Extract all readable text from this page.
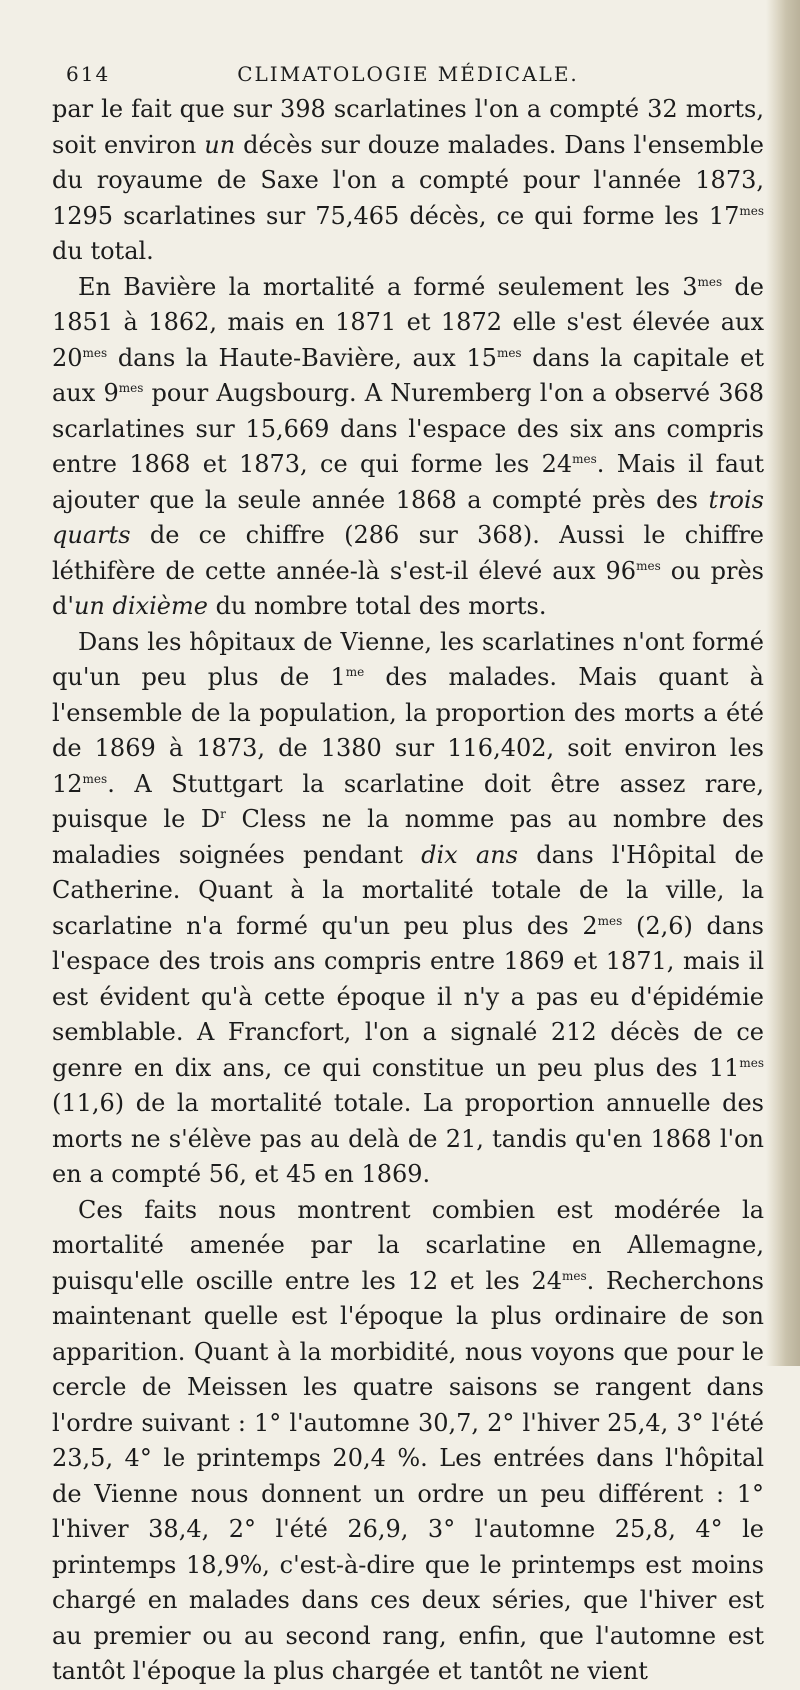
614	CLIMATOLOGIE MÉDICALE.

par le fait que sur 398 scarlatines l'on a compté 32 morts, soit environ un décès sur douze malades. Dans l'ensemble du royaume de Saxe l'on a compté pour l'année 1873, 1295 scarlatines sur 75,465 décès, ce qui forme les $17^{mes}$ du total.

En Bavière la mortalité a formé seulement les $3^{mes}$ de 1851 à 1862, mais en 1871 et 1872 elle s'est élevée aux $20^{mes}$ dans la Haute-Bavière, aux $15^{mes}$ dans la capitale et aux $9^{mes}$ pour Augsbourg. A Nuremberg l'on a observé 368 scarlatines sur 15,669 dans l'espace des six ans compris entre 1868 et 1873, ce qui forme les $24^{mes}$. Mais il faut ajouter que la seule année 1868 a compté près des trois quarts de ce chiffre (286 sur 368). Aussi le chiffre léthifère de cette année-là s'est-il élevé aux $96^{mes}$ ou près d'un dixième du nombre total des morts.

Dans les hôpitaux de Vienne, les scarlatines n'ont formé qu'un peu plus de $1^{me}$ des malades. Mais quant à l'ensemble de la population, la proportion des morts a été de 1869 à 1873, de 1380 sur 116,402, soit environ les $12^{mes}$. A Stuttgart la scarlatine doit être assez rare, puisque le $D^r$ Cless ne la nomme pas au nombre des maladies soignées pendant dix ans dans l'Hôpital de Catherine. Quant à la mortalité totale de la ville, la scarlatine n'a formé qu'un peu plus des $2^{mes}$ (2,6) dans l'espace des trois ans compris entre 1869 et 1871, mais il est évident qu'à cette époque il n'y a pas eu d'épidémie semblable. A Francfort, l'on a signalé 212 décès de ce genre en dix ans, ce qui constitue un peu plus des $11^{mes}$ (11,6) de la mortalité totale. La proportion annuelle des morts ne s'élève pas au delà de 21, tandis qu'en 1868 l'on en a compté 56, et 45 en 1869.

Ces faits nous montrent combien est modérée la mortalité amenée par la scarlatine en Allemagne, puisqu'elle oscille entre les 12 et les $24^{mes}$. Recherchons maintenant quelle est l'époque la plus ordinaire de son apparition. Quant à la morbidité, nous voyons que pour le cercle de Meissen les quatre saisons se rangent dans l'ordre suivant : 1° l'automne 30,7, 2° l'hiver 25,4, 3° l'été 23,5, 4° le printemps 20,4 %. Les entrées dans l'hôpital de Vienne nous donnent un ordre un peu différent : 1° l'hiver 38,4, 2° l'été 26,9, 3° l'automne 25,8, 4° le printemps 18,9%, c'est-à-dire que le printemps est moins chargé en malades dans ces deux séries, que l'hiver est au premier ou au second rang, enfin, que l'automne est tantôt l'époque la plus chargée et tantôt ne vient
